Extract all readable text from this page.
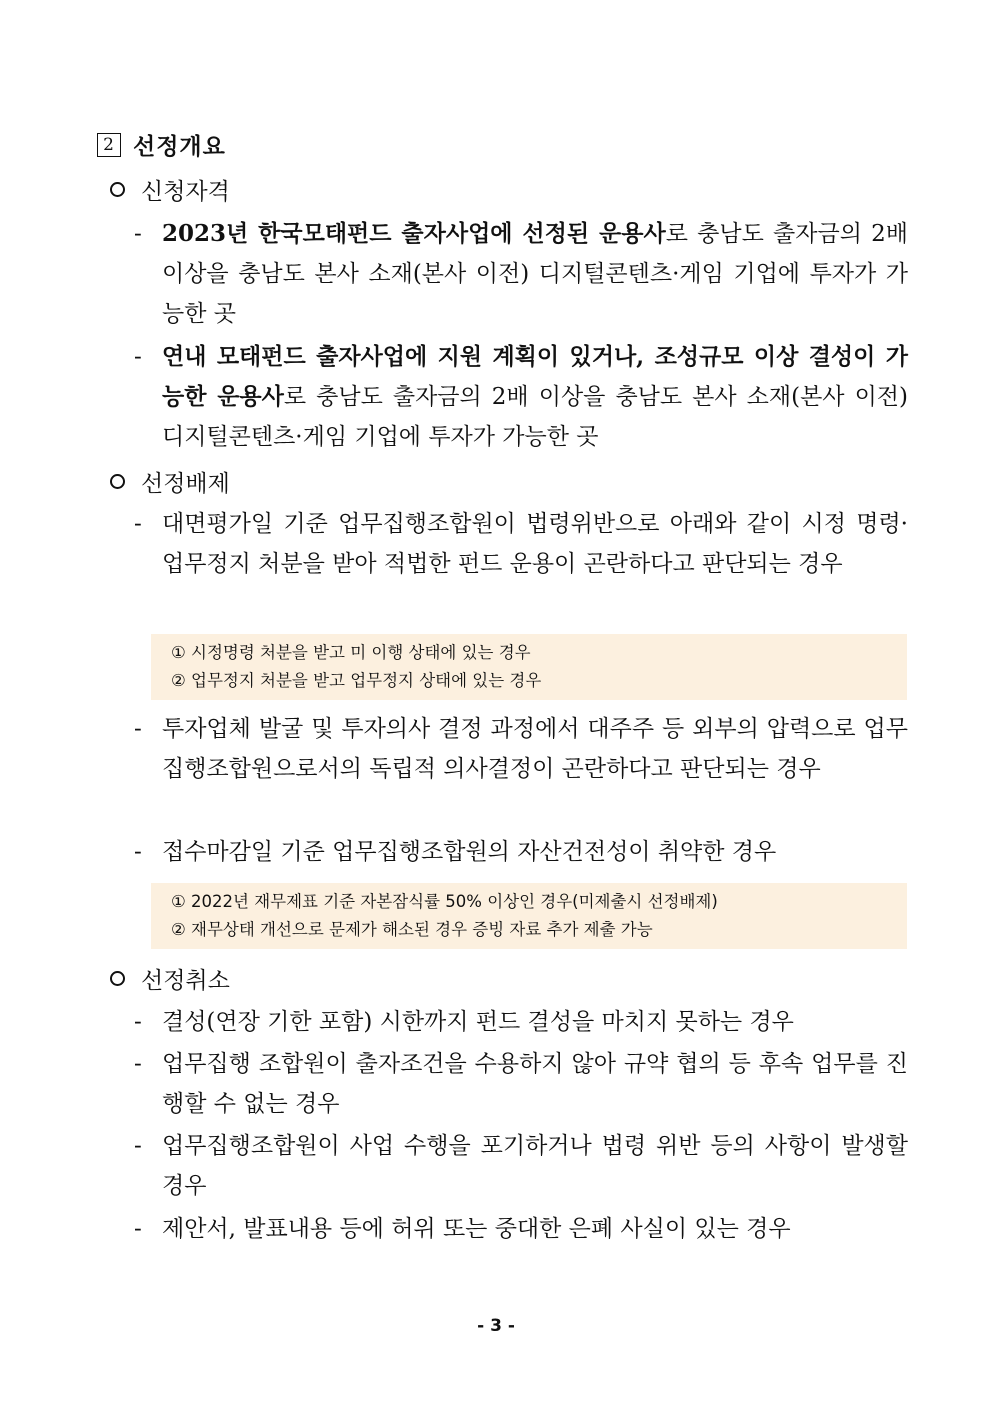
2 선정개요
신청자격
- 2023년 한국모태펀드 출자사업에 선정된 운용사로 충남도 출자금의 2배 이상을 충남도 본사 소재(본사 이전) 디지털콘텐츠·게임 기업에 투자가 가능한 곳
- 연내 모태펀드 출자사업에 지원 계획이 있거나, 조성규모 이상 결성이 가능한 운용사로 충남도 출자금의 2배 이상을 충남도 본사 소재(본사 이전) 디지털콘텐츠·게임 기업에 투자가 가능한 곳
선정배제
- 대면평가일 기준 업무집행조합원이 법령위반으로 아래와 같이 시정 명령·업무정지 처분을 받아 적법한 펀드 운용이 곤란하다고 판단되는 경우
① 시정명령 처분을 받고 미 이행 상태에 있는 경우
② 업무정지 처분을 받고 업무정지 상태에 있는 경우
- 투자업체 발굴 및 투자의사 결정 과정에서 대주주 등 외부의 압력으로 업무집행조합원으로서의 독립적 의사결정이 곤란하다고 판단되는 경우
- 접수마감일 기준 업무집행조합원의 자산건전성이 취약한 경우
① 2022년 재무제표 기준 자본잠식률 50% 이상인 경우(미제출시 선정배제)
② 재무상태 개선으로 문제가 해소된 경우 증빙 자료 추가 제출 가능
선정취소
- 결성(연장 기한 포함) 시한까지 펀드 결성을 마치지 못하는 경우
- 업무집행 조합원이 출자조건을 수용하지 않아 규약 협의 등 후속 업무를 진행할 수 없는 경우
- 업무집행조합원이 사업 수행을 포기하거나 법령 위반 등의 사항이 발생할 경우
- 제안서, 발표내용 등에 허위 또는 중대한 은폐 사실이 있는 경우
- 3 -
